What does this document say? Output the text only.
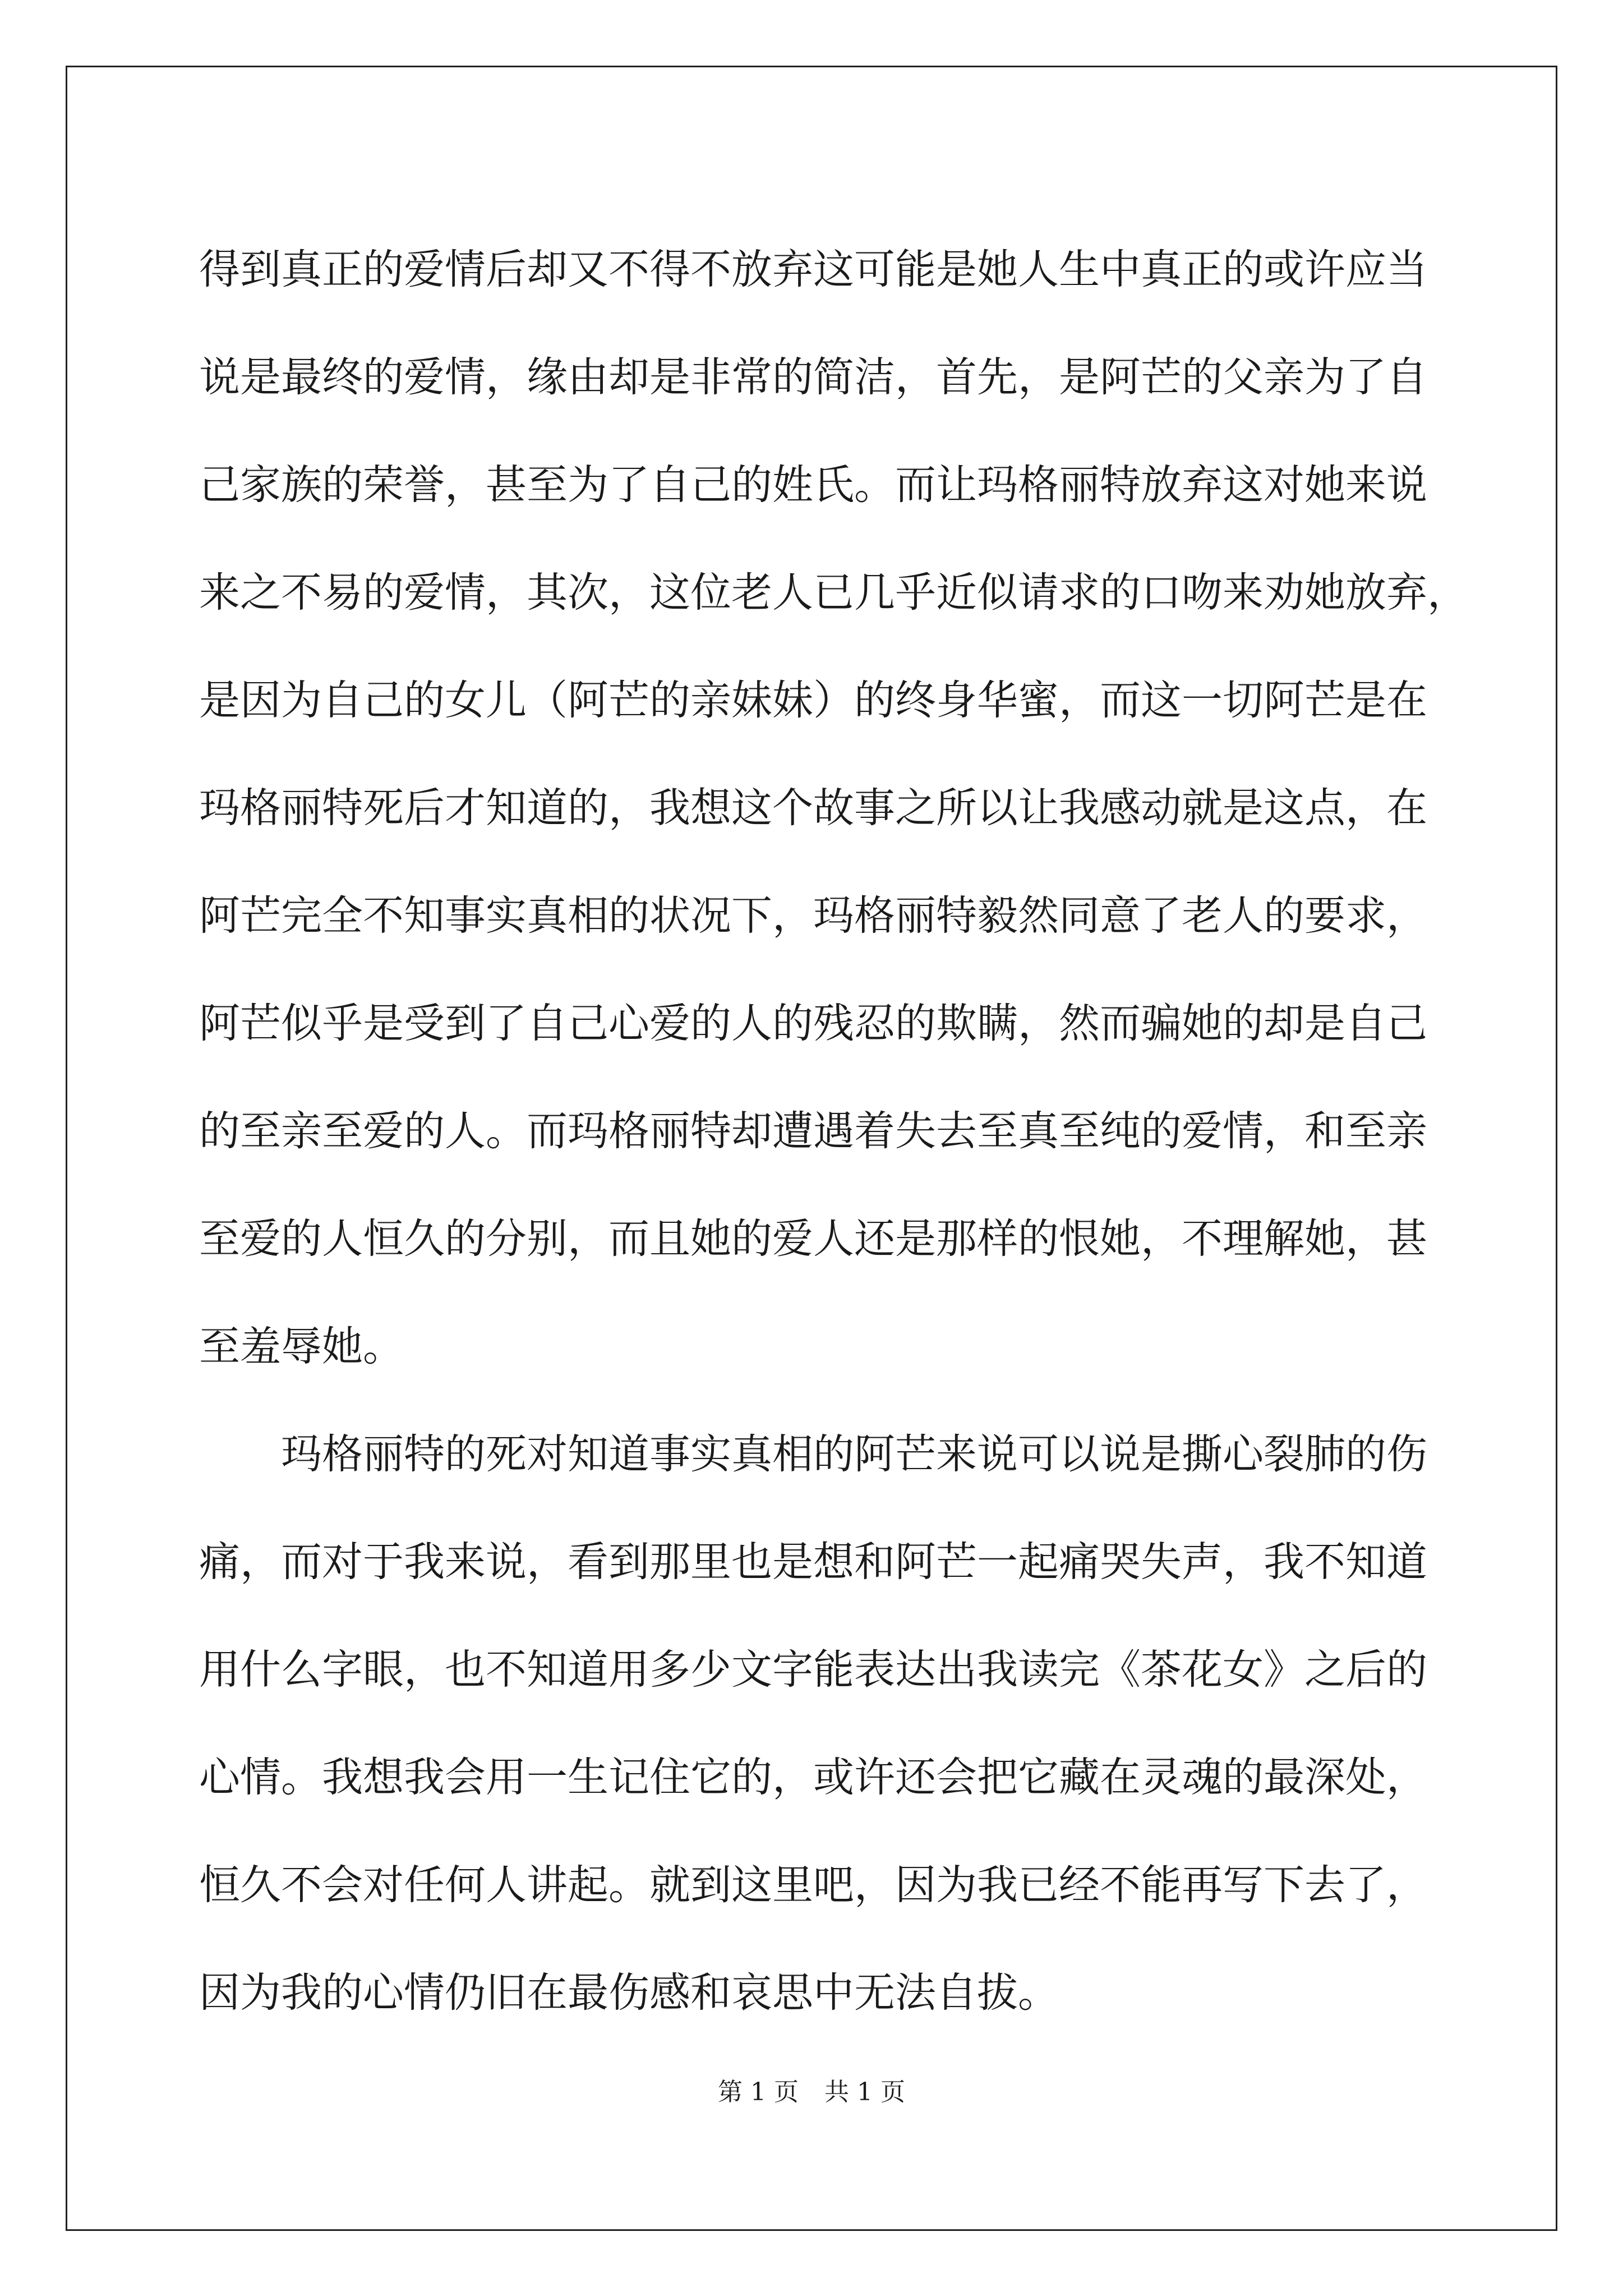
得到真正的爱情后却又不得不放弃这可能是她人生中真正的或许应当
说是最终的爱情，缘由却是非常的简洁，首先，是阿芒的父亲为了自
己家族的荣誉，甚至为了自己的姓氏。而让玛格丽特放弃这对她来说
来之不易的爱情，其次，这位老人已几乎近似请求的口吻来劝她放弃，
是因为自己的女儿（阿芒的亲妹妹）的终身华蜜，而这一切阿芒是在
玛格丽特死后才知道的，我想这个故事之所以让我感动就是这点，在
阿芒完全不知事实真相的状况下，玛格丽特毅然同意了老人的要求，
阿芒似乎是受到了自己心爱的人的残忍的欺瞒，然而骗她的却是自己
的至亲至爱的人。而玛格丽特却遭遇着失去至真至纯的爱情，和至亲
至爱的人恒久的分别，而且她的爱人还是那样的恨她，不理解她，甚
至羞辱她。
玛格丽特的死对知道事实真相的阿芒来说可以说是撕心裂肺的伤
痛，而对于我来说，看到那里也是想和阿芒一起痛哭失声，我不知道
用什么字眼，也不知道用多少文字能表达出我读完《茶花女》之后的
心情。我想我会用一生记住它的，或许还会把它藏在灵魂的最深处，
恒久不会对任何人讲起。就到这里吧，因为我已经不能再写下去了，
因为我的心情仍旧在最伤感和哀思中无法自拔。
第 1 页 共 1 页
